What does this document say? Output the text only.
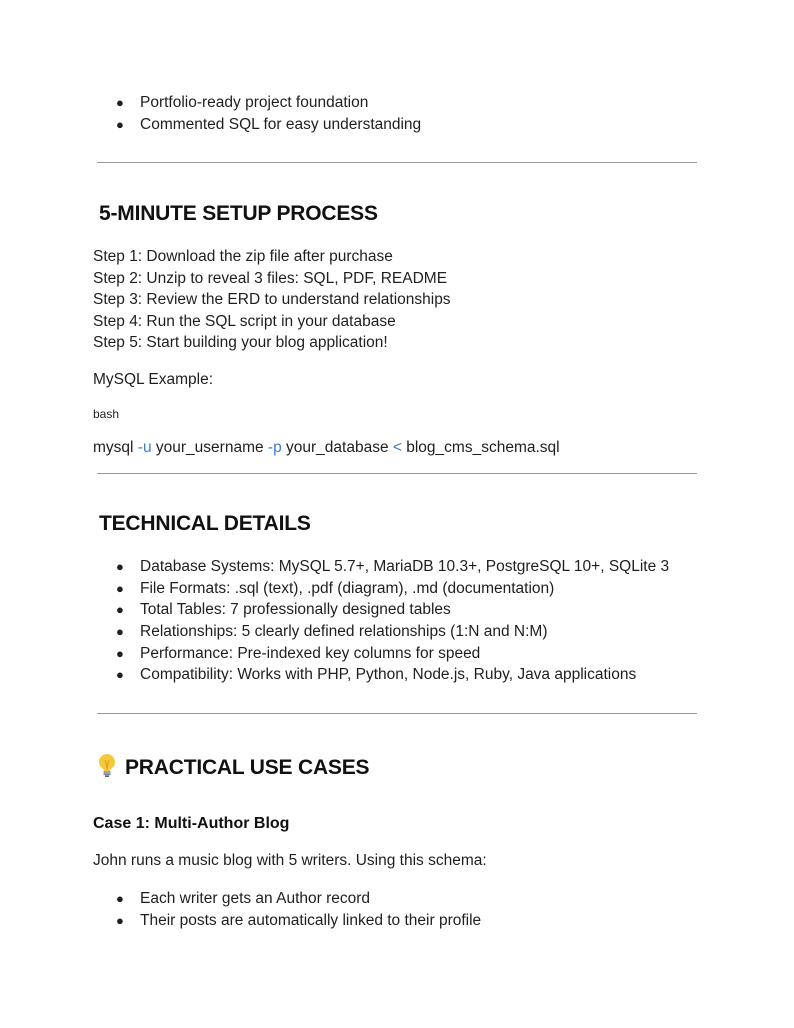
● Portfolio-ready project foundation
● Commented SQL for easy understanding
5-MINUTE SETUP PROCESS
Step 1: Download the zip file after purchase
Step 2: Unzip to reveal 3 files: SQL, PDF, README
Step 3: Review the ERD to understand relationships
Step 4: Run the SQL script in your database
Step 5: Start building your blog application!
MySQL Example:
bash
mysql -u your_username -p your_database < blog_cms_schema.sql
TECHNICAL DETAILS
● Database Systems: MySQL 5.7+, MariaDB 10.3+, PostgreSQL 10+, SQLite 3
● File Formats: .sql (text), .pdf (diagram), .md (documentation)
● Total Tables: 7 professionally designed tables
● Relationships: 5 clearly defined relationships (1:N and N:M)
● Performance: Pre-indexed key columns for speed
● Compatibility: Works with PHP, Python, Node.js, Ruby, Java applications
PRACTICAL USE CASES
Case 1: Multi-Author Blog
John runs a music blog with 5 writers. Using this schema:
● Each writer gets an Author record
● Their posts are automatically linked to their profile
